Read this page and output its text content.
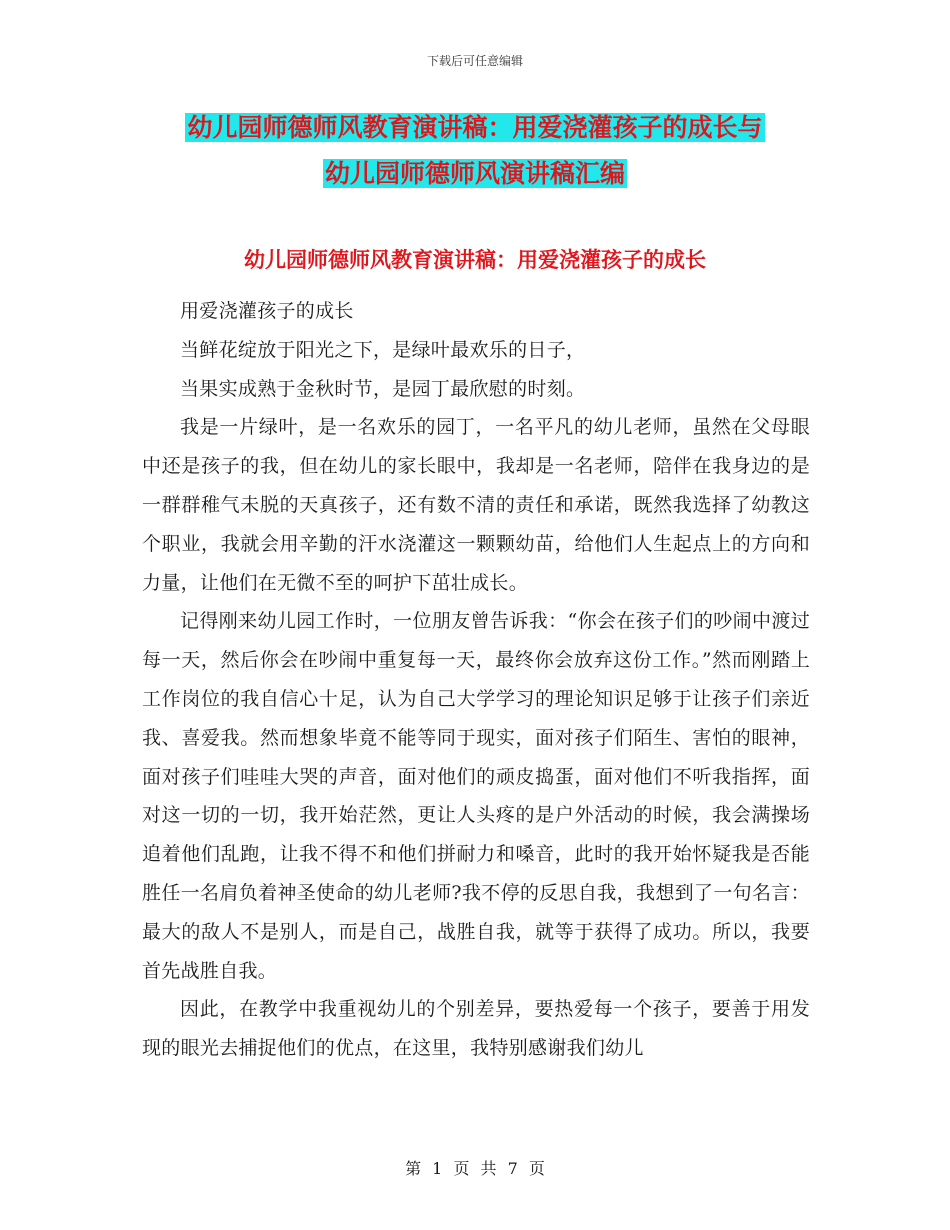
下载后可任意编辑
幼儿园师德师风教育演讲稿：用爱浇灌孩子的成长与
幼儿园师德师风演讲稿汇编
幼儿园师德师风教育演讲稿：用爱浇灌孩子的成长

用爱浇灌孩子的成长

当鲜花绽放于阳光之下，是绿叶最欢乐的日子，

当果实成熟于金秋时节，是园丁最欣慰的时刻。

我是一片绿叶，是一名欢乐的园丁，一名平凡的幼儿老师，虽然在父母眼中还是孩子的我，但在幼儿的家长眼中，我却是一名老师，陪伴在我身边的是一群群稚气未脱的天真孩子，还有数不清的责任和承诺，既然我选择了幼教这个职业，我就会用辛勤的汗水浇灌这一颗颗幼苗，给他们人生起点上的方向和力量，让他们在无微不至的呵护下茁壮成长。

记得刚来幼儿园工作时，一位朋友曾告诉我：“你会在孩子们的吵闹中渡过每一天，然后你会在吵闹中重复每一天，最终你会放弃这份工作。”然而刚踏上工作岗位的我自信心十足，认为自己大学学习的理论知识足够于让孩子们亲近我、喜爱我。然而想象毕竟不能等同于现实，面对孩子们陌生、害怕的眼神，面对孩子们哇哇大哭的声音，面对他们的顽皮捣蛋，面对他们不听我指挥，面对这一切的一切，我开始茫然，更让人头疼的是户外活动的时候，我会满操场追着他们乱跑，让我不得不和他们拼耐力和嗓音，此时的我开始怀疑我是否能胜任一名肩负着神圣使命的幼儿老师?我不停的反思自我，我想到了一句名言：最大的敌人不是别人，而是自己，战胜自我，就等于获得了成功。所以，我要首先战胜自我。

因此，在教学中我重视幼儿的个别差异，要热爱每一个孩子，要善于用发现的眼光去捕捉他们的优点，在这里，我特别感谢我们幼儿

第 1 页 共 7 页
